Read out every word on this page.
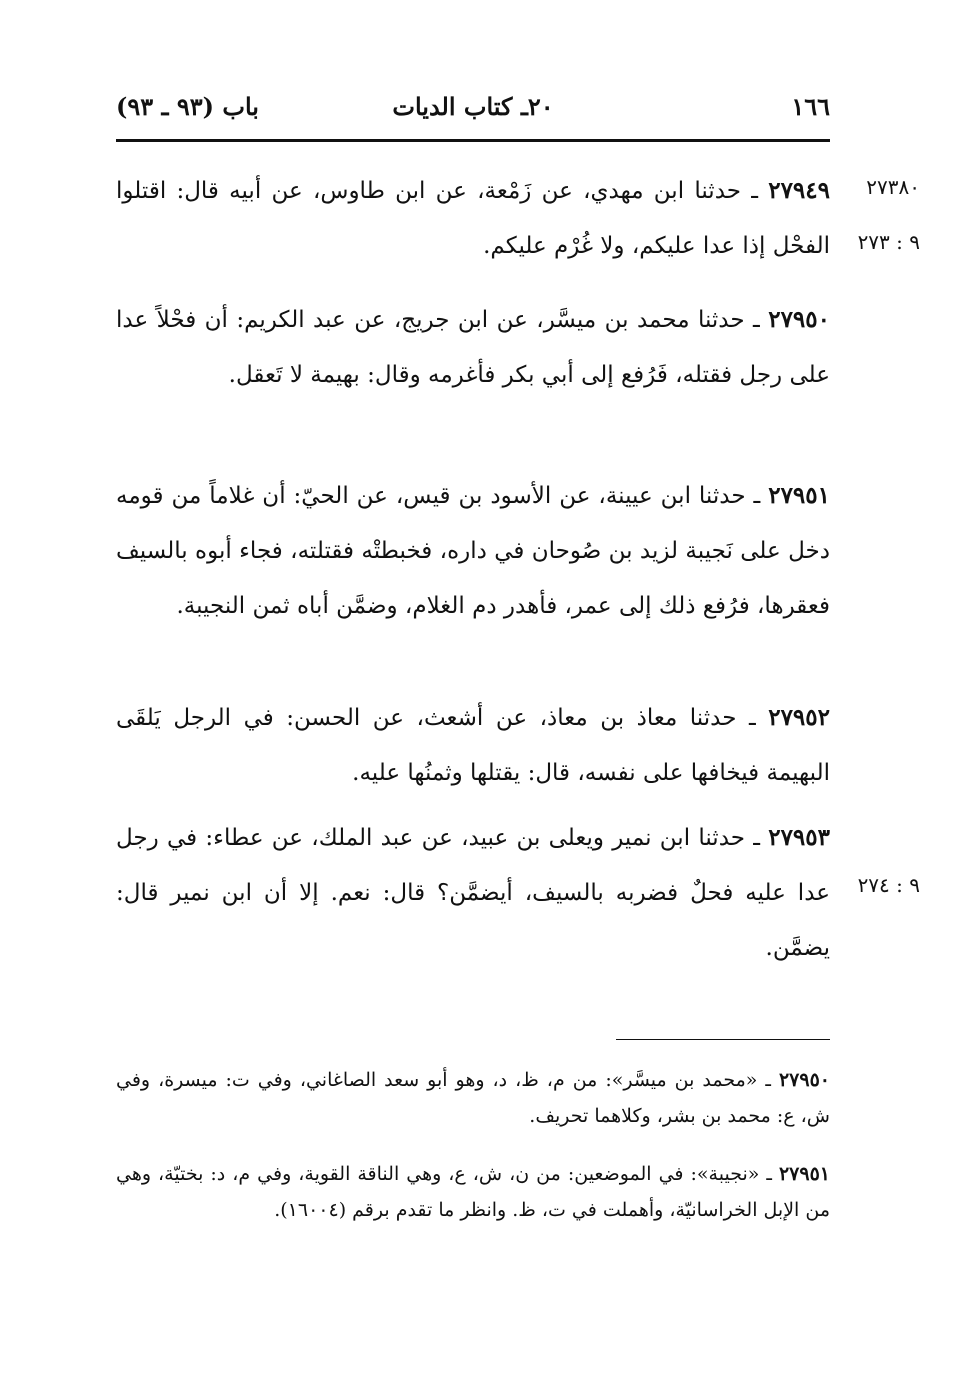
١٦٦
٢٠ـ كتاب الديات
باب (٩٣ ـ ٩٣)
٢٧٣٨٠
٩ : ٢٧٣
٩ : ٢٧٤
٢٧٩٤٩ ـ حدثنا ابن مهدي، عن زَمْعة، عن ابن طاوس، عن أبيه قال: اقتلوا الفحْل إذا عدا عليكم، ولا غُرْم عليكم.
٢٧٩٥٠ ـ حدثنا محمد بن ميسَّر، عن ابن جريج، عن عبد الكريم: أن فحْلاً عدا على رجل فقتله، فَرُفع إلى أبي بكر فأغرمه وقال: بهيمة لا تَعقل.
٢٧٩٥١ ـ حدثنا ابن عيينة، عن الأسود بن قيس، عن الحيّ: أن غلاماً من قومه دخل على نَجيبة لزيد بن صُوحان في داره، فخبطتْه فقتلته، فجاء أبوه بالسيف فعقرها، فرُفع ذلك إلى عمر، فأهدر دم الغلام، وضمَّن أباه ثمن النجيبة.
٢٧٩٥٢ ـ حدثنا معاذ بن معاذ، عن أشعث، عن الحسن: في الرجل يَلقَى البهيمة فيخافها على نفسه، قال: يقتلها وثمنُها عليه.
٢٧٩٥٣ ـ حدثنا ابن نمير ويعلى بن عبيد، عن عبد الملك، عن عطاء: في رجل عدا عليه فحلٌ فضربه بالسيف، أيضمَّن؟ قال: نعم. إلا أن ابن نمير قال: يضمَّن.
٢٧٩٥٠ ـ «محمد بن ميسَّر»: من م، ظ، د، وهو أبو سعد الصاغاني، وفي ت: ميسرة، وفي ش، ع: محمد بن بشر، وكلاهما تحريف.
٢٧٩٥١ ـ «نجيبة»: في الموضعين: من ن، ش، ع، وهي الناقة القوية، وفي م، د: بختيّة، وهي من الإبل الخراسانيّة، وأهملت في ت، ظ. وانظر ما تقدم برقم (١٦٠٠٤).
